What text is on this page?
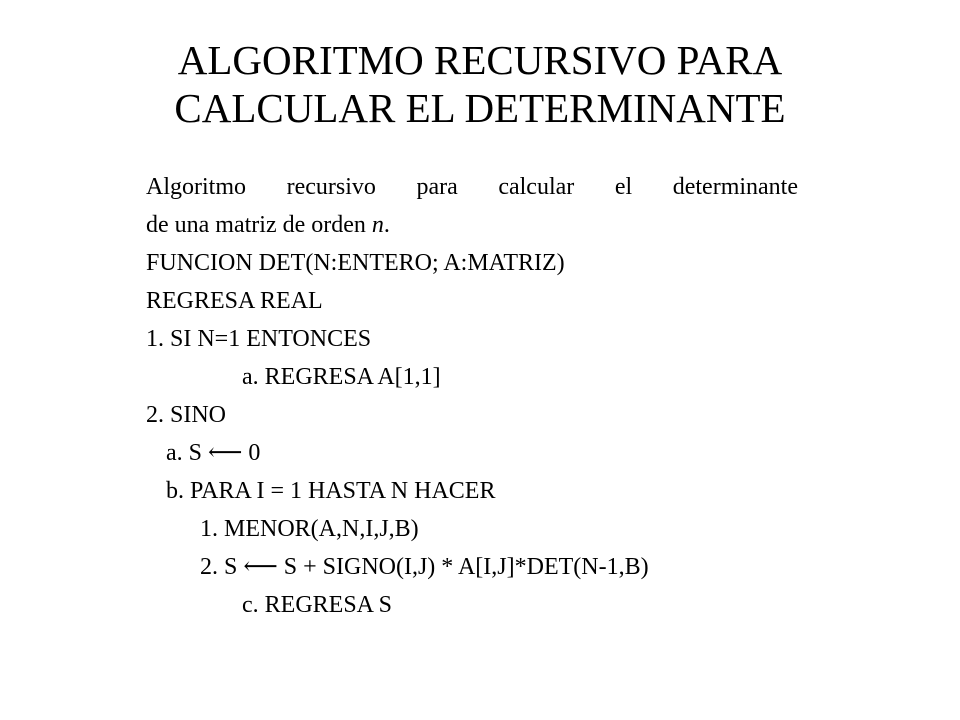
ALGORITMO RECURSIVO PARA
CALCULAR EL DETERMINANTE
Algoritmo recursivo para calcular el determinante
de una matriz de orden n.
FUNCION DET(N:ENTERO; A:MATRIZ)
REGRESA REAL
1. SI N=1 ENTONCES
a. REGRESA A[1,1]
2. SINO
a. S ⟵ 0
b. PARA I = 1 HASTA N HACER
1. MENOR(A,N,I,J,B)
2. S ⟵ S + SIGNO(I,J) * A[I,J]*DET(N-1,B)
c. REGRESA S
